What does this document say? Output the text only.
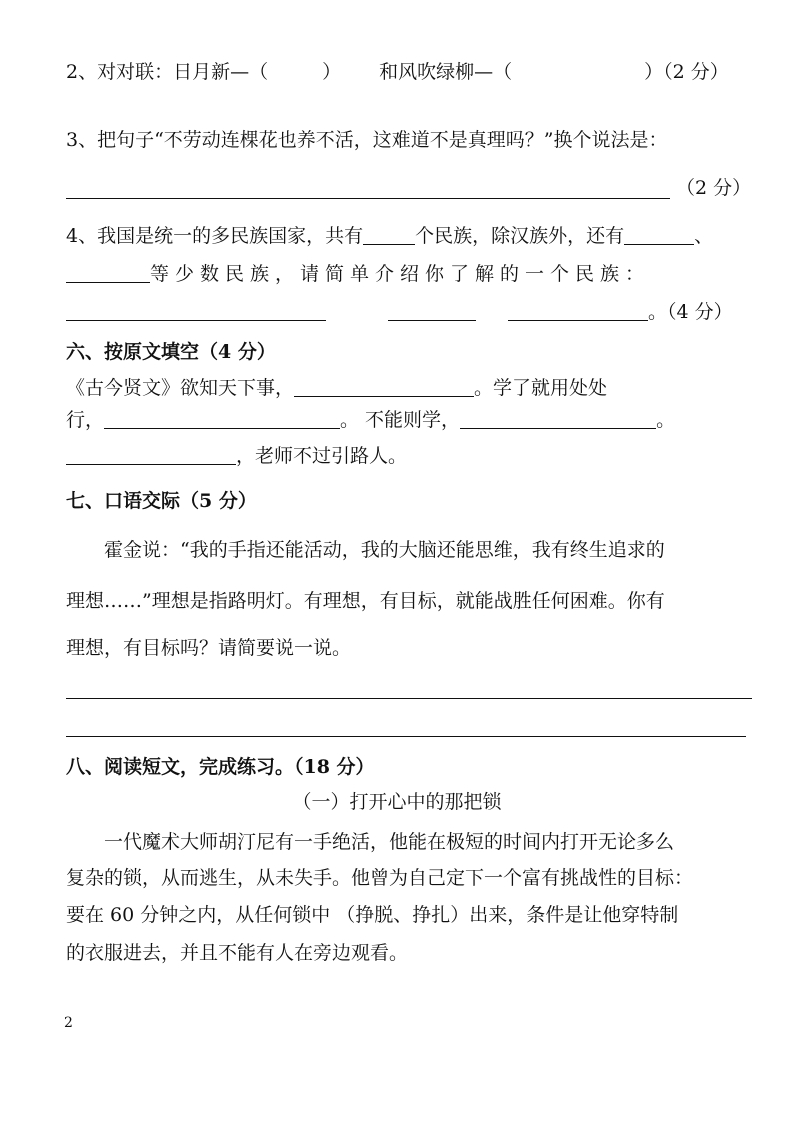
2、对对联：日月新—（	） 和风吹绿柳—（	）（2 分）
3、把句子“不劳动连棵花也养不活，这难道不是真理吗？”换个说法是：
（2 分）
4、我国是统一的多民族国家，共有	个民族，除汉族外，还有	、
等少数民族，请简单介绍你了解的一个民族：
。（4 分）
六、按原文填空（4 分）
《古今贤文》欲知天下事，	。学了就用处处
行，	。 不能则学，	。
，老师不过引路人。
七、口语交际（5 分）
霍金说：“我的手指还能活动，我的大脑还能思维，我有终生追求的
理想……”理想是指路明灯。有理想，有目标，就能战胜任何困难。你有
理想，有目标吗？请简要说一说。
八、阅读短文，完成练习。（18 分）
（一）打开心中的那把锁
一代魔术大师胡汀尼有一手绝活，他能在极短的时间内打开无论多么
复杂的锁，从而逃生，从未失手。他曾为自己定下一个富有挑战性的目标：
要在 60 分钟之内，从任何锁中 （挣脱、挣扎）出来，条件是让他穿特制
的衣服进去，并且不能有人在旁边观看。
2
